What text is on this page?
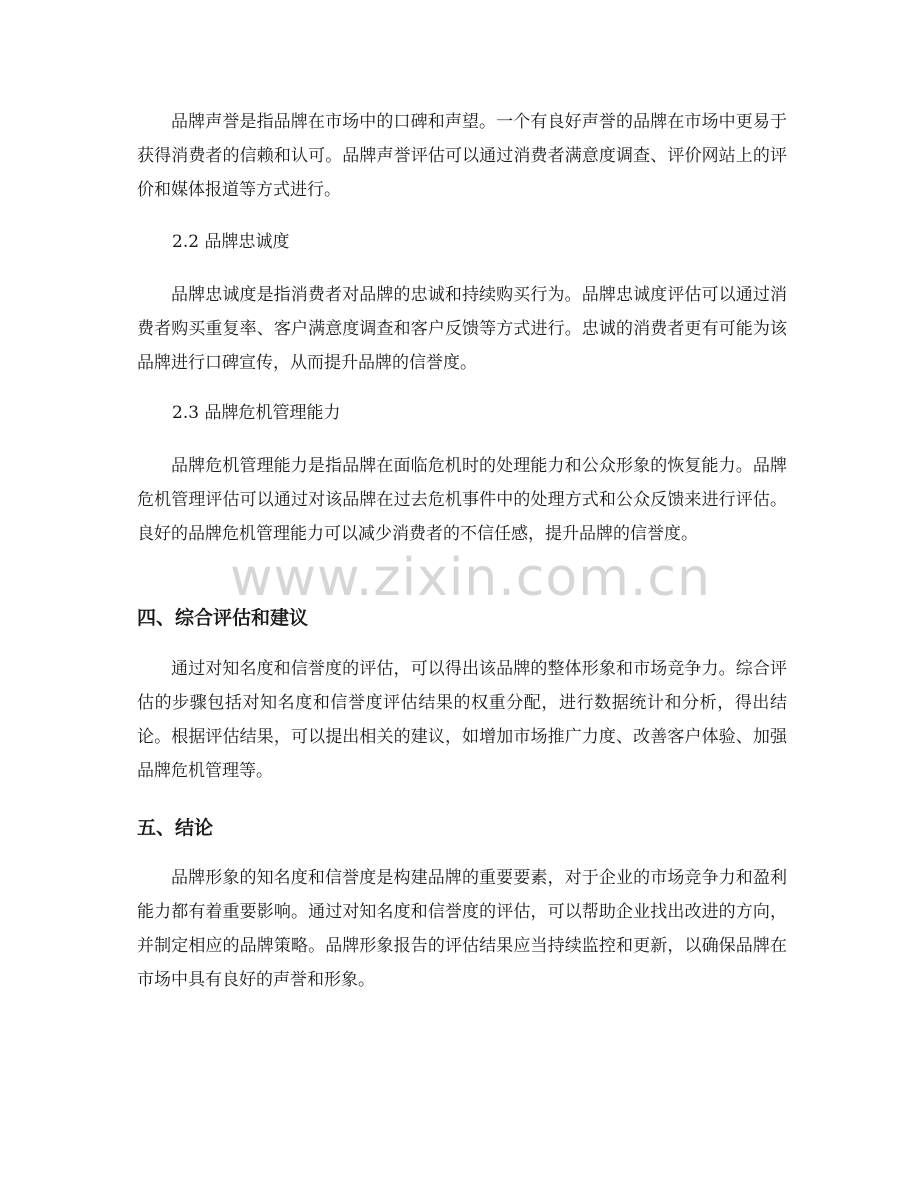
品牌声誉是指品牌在市场中的口碑和声望。一个有良好声誉的品牌在市场中更易于获得消费者的信赖和认可。品牌声誉评估可以通过消费者满意度调查、评价网站上的评价和媒体报道等方式进行。

2.2 品牌忠诚度

品牌忠诚度是指消费者对品牌的忠诚和持续购买行为。品牌忠诚度评估可以通过消费者购买重复率、客户满意度调查和客户反馈等方式进行。忠诚的消费者更有可能为该品牌进行口碑宣传，从而提升品牌的信誉度。

2.3 品牌危机管理能力

品牌危机管理能力是指品牌在面临危机时的处理能力和公众形象的恢复能力。品牌危机管理评估可以通过对该品牌在过去危机事件中的处理方式和公众反馈来进行评估。良好的品牌危机管理能力可以减少消费者的不信任感，提升品牌的信誉度。

www.zixin.com.cn
四、综合评估和建议

通过对知名度和信誉度的评估，可以得出该品牌的整体形象和市场竞争力。综合评估的步骤包括对知名度和信誉度评估结果的权重分配，进行数据统计和分析，得出结论。根据评估结果，可以提出相关的建议，如增加市场推广力度、改善客户体验、加强品牌危机管理等。

五、结论

品牌形象的知名度和信誉度是构建品牌的重要要素，对于企业的市场竞争力和盈利能力都有着重要影响。通过对知名度和信誉度的评估，可以帮助企业找出改进的方向，并制定相应的品牌策略。品牌形象报告的评估结果应当持续监控和更新，以确保品牌在市场中具有良好的声誉和形象。
